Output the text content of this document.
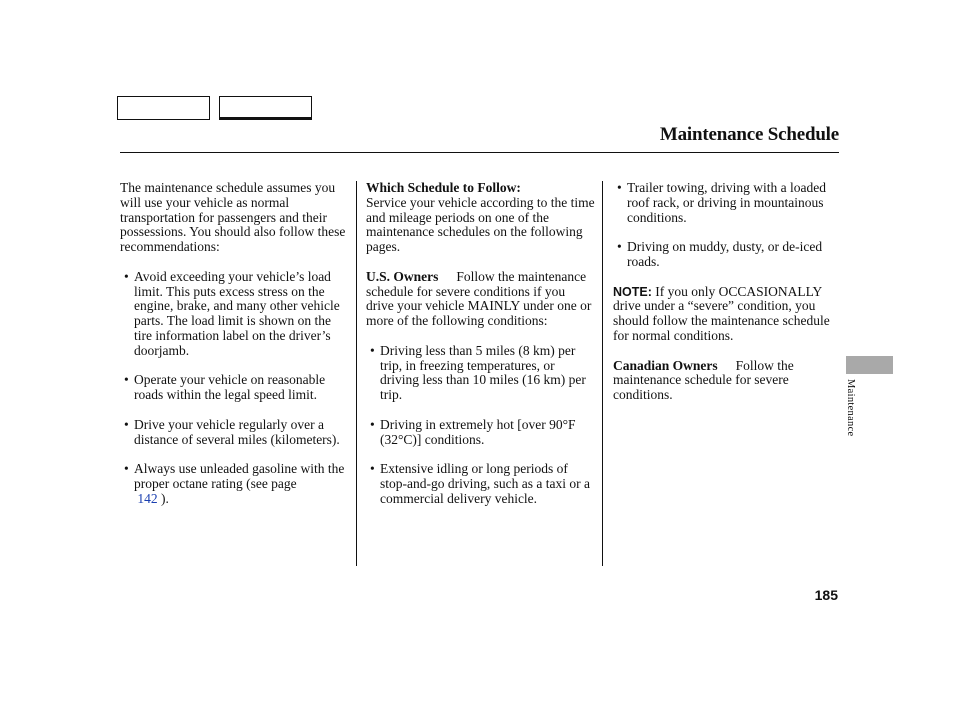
Maintenance Schedule

The maintenance schedule assumes you will use your vehicle as normal transportation for passengers and their possessions. You should also follow these recommendations:

• Avoid exceeding your vehicle’s load limit. This puts excess stress on the engine, brake, and many other vehicle parts. The load limit is shown on the tire information label on the driver’s doorjamb.
• Operate your vehicle on reasonable roads within the legal speed limit.
• Drive your vehicle regularly over a distance of several miles (kilometers).
• Always use unleaded gasoline with the proper octane rating (see page
142 ).

Which Schedule to Follow:
Service your vehicle according to the time and mileage periods on one of the maintenance schedules on the following pages.

U.S. Owners Follow the maintenance schedule for severe conditions if you drive your vehicle MAINLY under one or more of the following conditions:

• Driving less than 5 miles (8 km) per trip, in freezing temperatures, or driving less than 10 miles (16 km) per trip.
• Driving in extremely hot [over 90°F (32°C)] conditions.
• Extensive idling or long periods of stop-and-go driving, such as a taxi or a commercial delivery vehicle.
• Trailer towing, driving with a loaded roof rack, or driving in mountainous conditions.
• Driving on muddy, dusty, or de-iced roads.

NOTE: If you only OCCASIONALLY drive under a “severe” condition, you should follow the maintenance schedule for normal conditions.

Canadian Owners Follow the maintenance schedule for severe conditions.	Maintenance
185
